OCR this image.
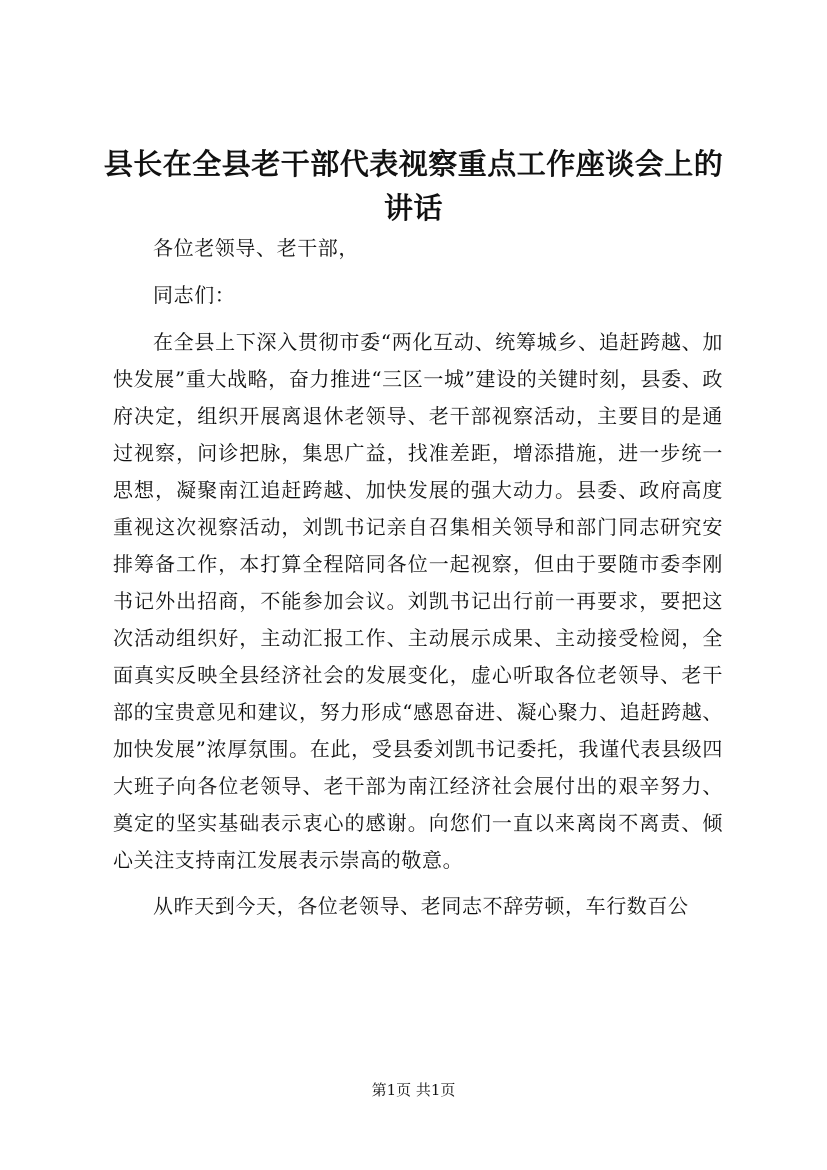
县长在全县老干部代表视察重点工作座谈会上的讲话

各位老领导、老干部，

同志们：

在全县上下深入贯彻市委“两化互动、统筹城乡、追赶跨越、加快发展”重大战略，奋力推进“三区一城”建设的关键时刻，县委、政府决定，组织开展离退休老领导、老干部视察活动，主要目的是通过视察，问诊把脉，集思广益，找准差距，增添措施，进一步统一思想，凝聚南江追赶跨越、加快发展的强大动力。县委、政府高度重视这次视察活动，刘凯书记亲自召集相关领导和部门同志研究安排筹备工作，本打算全程陪同各位一起视察，但由于要随市委李刚书记外出招商，不能参加会议。刘凯书记出行前一再要求，要把这次活动组织好，主动汇报工作、主动展示成果、主动接受检阅，全面真实反映全县经济社会的发展变化，虚心听取各位老领导、老干部的宝贵意见和建议，努力形成“感恩奋进、凝心聚力、追赶跨越、加快发展”浓厚氛围。在此，受县委刘凯书记委托，我谨代表县级四大班子向各位老领导、老干部为南江经济社会展付出的艰辛努力、奠定的坚实基础表示衷心的感谢。向您们一直以来离岗不离责、倾心关注支持南江发展表示崇高的敬意。

从昨天到今天，各位老领导、老同志不辞劳顿，车行数百公

第1页 共1页
